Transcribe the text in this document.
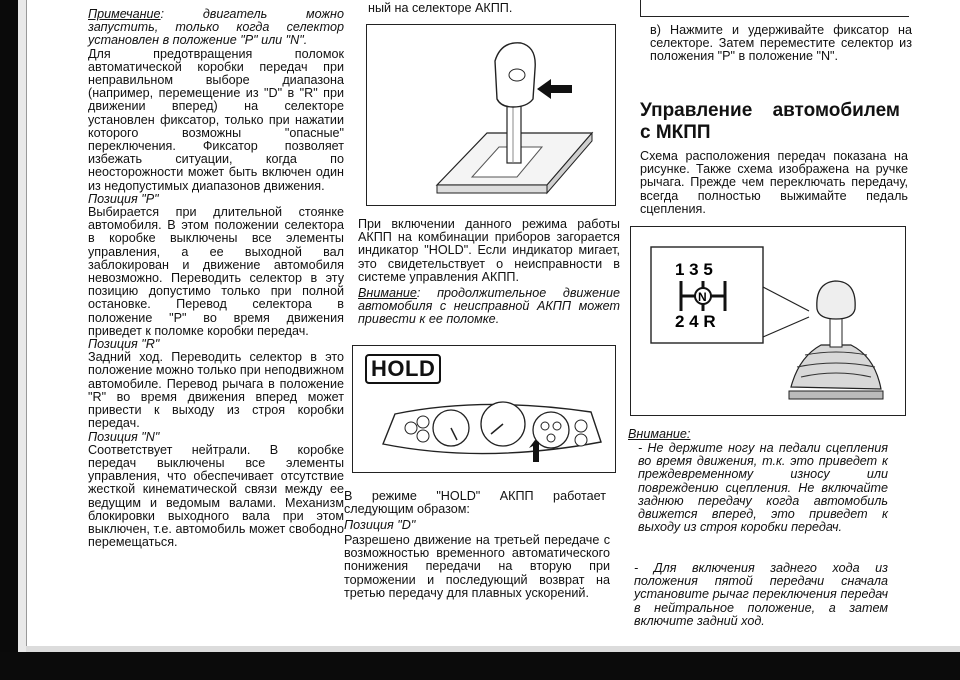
Примечание: двигатель можно запустить, только когда селектор установлен в положение "P" или "N".

Для предотвращения поломок автоматической коробки передач при неправильном выборе диапазона (например, перемещение из "D" в "R" при движении вперед) на селекторе установлен фиксатор, только при нажатии которого возможны "опасные" переключения. Фиксатор позволяет избежать ситуации, когда по неосторожности может быть включен один из недопустимых диапазонов движения.

Позиция "P"

Выбирается при длительной стоянке автомобиля. В этом положении селектора в коробке выключены все элементы управления, а ее выходной вал заблокирован и движение автомобиля невозможно. Переводить селектор в эту позицию допустимо только при полной остановке. Перевод селектора в положение "P" во время движения приведет к поломке коробки передач.

Позиция "R"

Задний ход. Переводить селектор в это положение можно только при неподвижном автомобиле. Перевод рычага в положение "R" во время движения вперед может привести к выходу из строя коробки передач.

Позиция "N"

Соответствует нейтрали. В коробке передач выключены все элементы управления, что обеспечивает отсутствие жесткой кинематической связи между ее ведущим и ведомым валами. Механизм блокировки выходного вала при этом выключен, т.е. автомобиль может свободно перемещаться.

ный на селекторе АКПП.

При включении данного режима работы АКПП на комбинации приборов загорается индикатор "HOLD". Если индикатор мигает, это свидетельствует о неисправности в системе управления АКПП.

Внимание: продолжительное движение автомобиля с неисправной АКПП может привести к ее поломке.

HOLD

В режиме "HOLD" АКПП работает следующим образом:

Позиция "D"

Разрешено движение на третьей передаче с возможностью временного автоматического понижения передачи на вторую при торможении и последующий возврат на третью передачу для плавных ускорений.

в) Нажмите и удерживайте фиксатор на селекторе. Затем переместите селектор из положения "P" в положение "N".

Управление автомобилем с МКПП

Схема расположения передач показана на рисунке. Также схема изображена на ручке рычага. Прежде чем переключать передачу, всегда полностью выжимайте педаль сцепления.

1 3 5
2 4 R
N

Внимание:

- Не держите ногу на педали сцепления во время движения, т.к. это приведет к преждевременному износу или повреждению сцепления. Не включайте заднюю передачу когда автомобиль движется вперед, это приведет к выходу из строя коробки передач.

- Для включения заднего хода из положения пятой передачи сначала установите рычаг переключения передач в нейтральное положение, а затем включите задний ход.
